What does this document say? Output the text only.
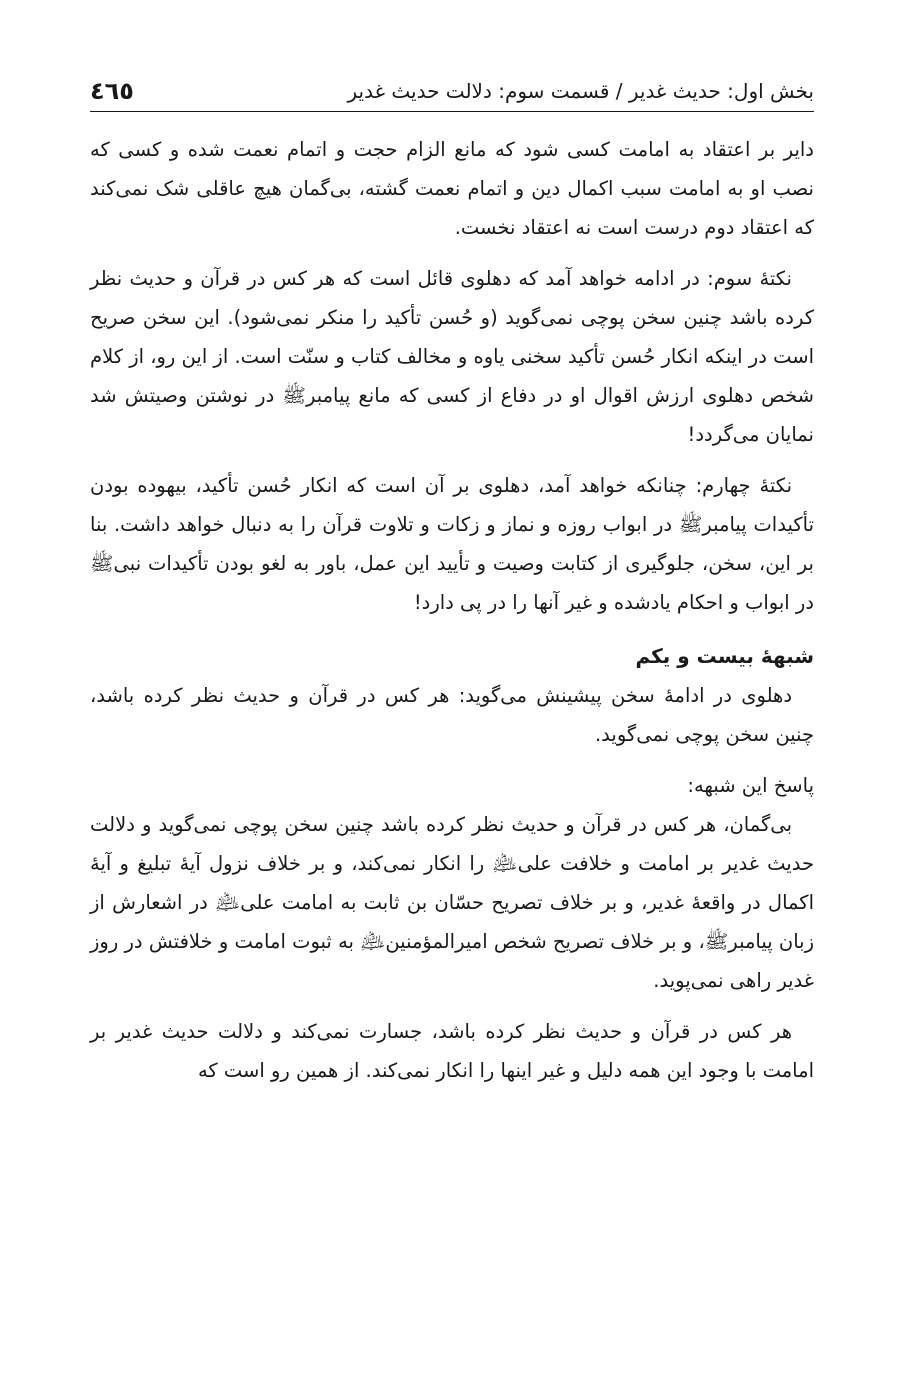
بخش اول: حدیث غدیر / قسمت سوم: دلالت حدیث غدیر
٤٦٥

دایر بر اعتقاد به امامت کسی شود که مانع الزام حجت و اتمام نعمت شده و کسی که نصب او به امامت سبب اکمال دین و اتمام نعمت گشته، بی‌گمان هیچ عاقلی شک نمی‌کند که اعتقاد دوم درست است نه اعتقاد نخست.

نکتۀ سوم: در ادامه خواهد آمد که دهلوی قائل است که هر کس در قرآن و حدیث نظر کرده باشد چنین سخن پوچی نمی‌گوید (و حُسن تأکید را منکر نمی‌شود). این سخن صریح است در اینکه انکار حُسن تأکید سخنی یاوه و مخالف کتاب و سنّت است. از این رو، از کلام شخص دهلوی ارزش اقوال او در دفاع از کسی که مانع پیامبرﷺ در نوشتن وصیتش شد نمایان می‌گردد!

نکتۀ چهارم: چنانکه خواهد آمد، دهلوی بر آن است که انکار حُسن تأکید، بیهوده بودن تأکیدات پیامبرﷺ در ابواب روزه و نماز و زکات و تلاوت قرآن را به دنبال خواهد داشت. بنا بر این، سخن، جلوگیری از کتابت وصیت و تأیید این عمل، باور به لغو بودن تأکیدات نبیﷺ در ابواب و احکام یادشده و غیر آنها را در پی دارد!

شبهۀ بیست و یکم

دهلوی در ادامۀ سخن پیشینش می‌گوید: هر کس در قرآن و حدیث نظر کرده باشد، چنین سخن پوچی نمی‌گوید.

پاسخ این شبهه:

بی‌گمان، هر کس در قرآن و حدیث نظر کرده باشد چنین سخن پوچی نمی‌گوید و دلالت حدیث غدیر بر امامت و خلافت علی﵇ را انکار نمی‌کند، و بر خلاف نزول آیۀ تبلیغ و آیۀ اکمال در واقعۀ غدیر، و بر خلاف تصریح حسّان بن ثابت به امامت علی﵇ در اشعارش از زبان پیامبرﷺ، و بر خلاف تصریح شخص امیرالمؤمنین﵇ به ثبوت امامت و خلافتش در روز غدیر راهی نمی‌پوید.

هر کس در قرآن و حدیث نظر کرده باشد، جسارت نمی‌کند و دلالت حدیث غدیر بر امامت با وجود این همه دلیل و غیر اینها را انکار نمی‌کند. از همین رو است که
